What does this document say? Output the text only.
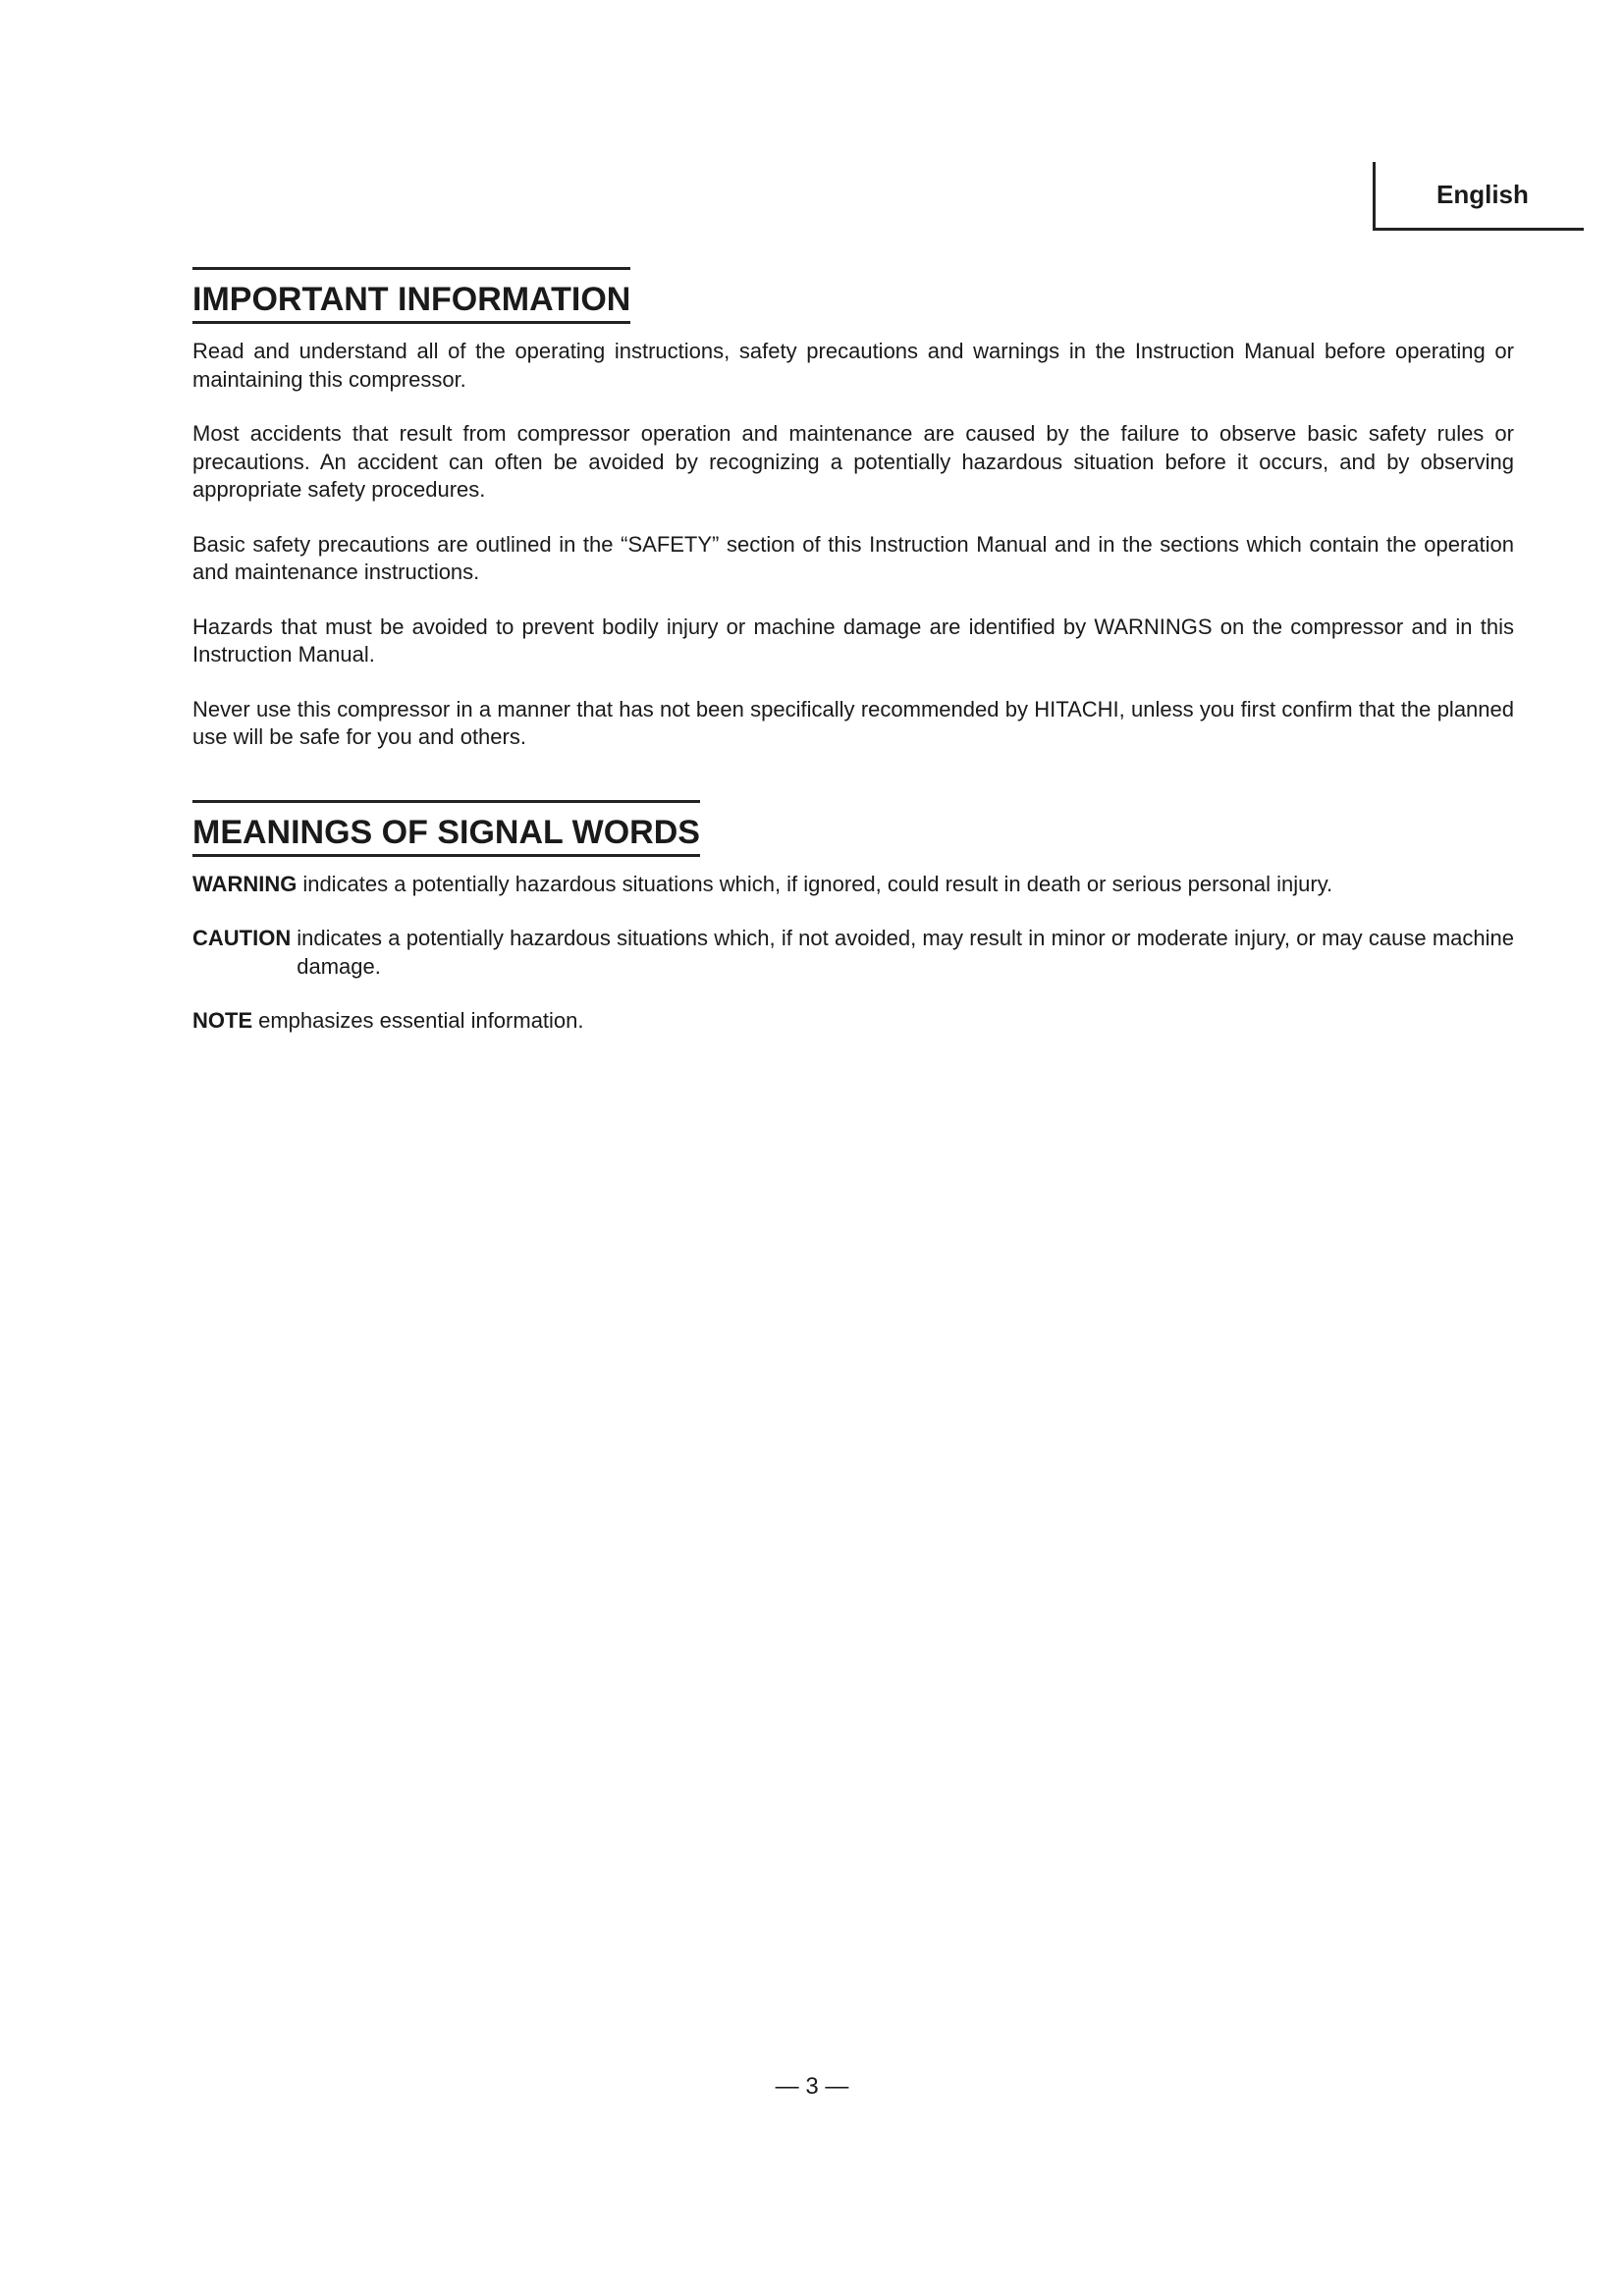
English
IMPORTANT INFORMATION

Read and understand all of the operating instructions, safety precautions and warnings in the Instruction Manual before operating or maintaining this compressor.

Most accidents that result from compressor operation and maintenance are caused by the failure to observe basic safety rules or precautions. An accident can often be avoided by recognizing a potentially hazardous situation before it occurs, and by observing appropriate safety procedures.

Basic safety precautions are outlined in the “SAFETY” section of this Instruction Manual and in the sections which contain the operation and maintenance instructions.

Hazards that must be avoided to prevent bodily injury or machine damage are identified by WARNINGS on the compressor and in this Instruction Manual.

Never use this compressor in a manner that has not been specifically recommended by HITACHI, unless you first confirm that the planned use will be safe for you and others.

MEANINGS OF SIGNAL WORDS
WARNING indicates a potentially hazardous situations which, if ignored, could result in death or serious personal injury.
CAUTION indicates a potentially hazardous situations which, if not avoided, may result in minor or moderate injury, or may cause machine damage.
NOTE emphasizes essential information.
— 3 —
